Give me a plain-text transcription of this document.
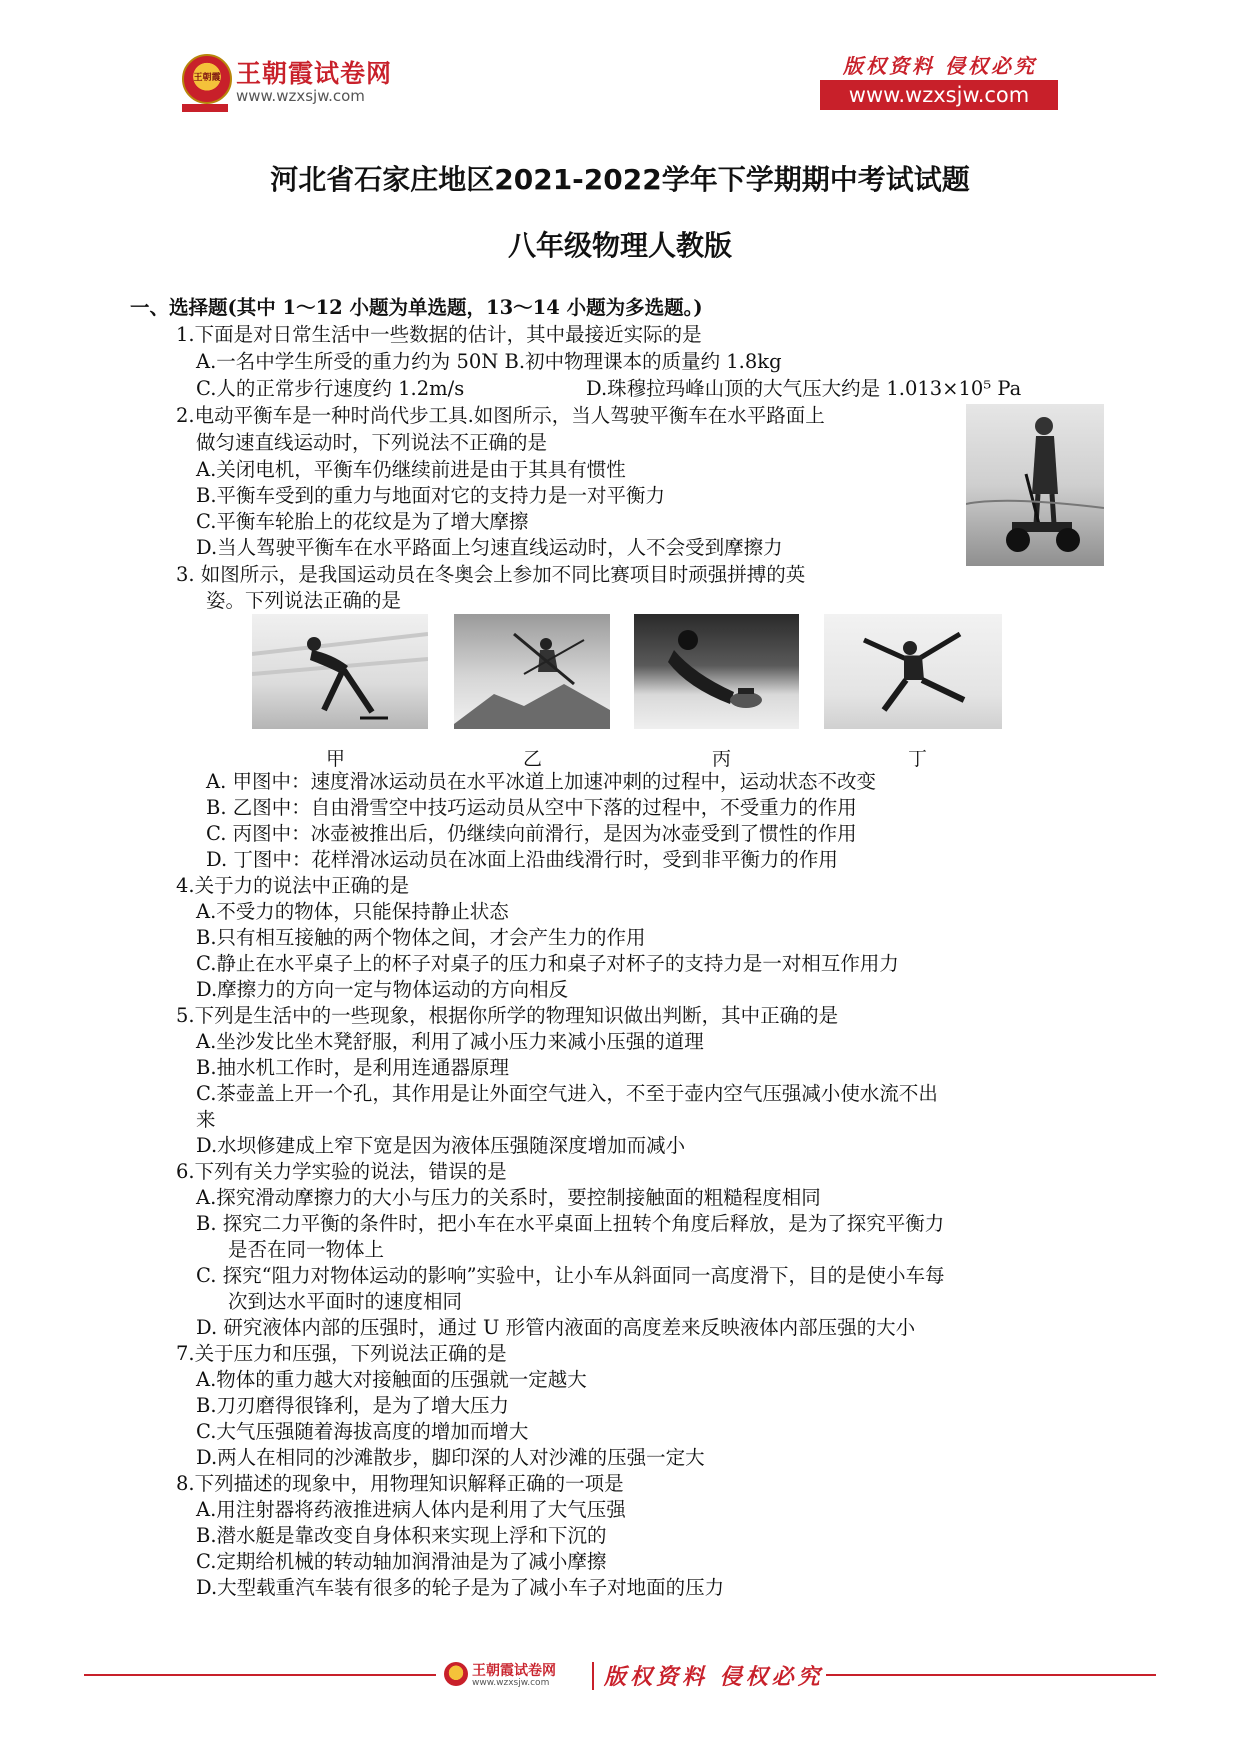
王朝霞 王朝霞试卷网
www.wzxsjw.com
版权资料 侵权必究
www.wzxsjw.com
河北省石家庄地区2021-2022学年下学期期中考试试题
八年级物理人教版
一、选择题(其中 1～12 小题为单选题，13～14 小题为多选题。)
1.下面是对日常生活中一些数据的估计，其中最接近实际的是
A.一名中学生所受的重力约为 50N B.初中物理课本的质量约 1.8kg
C.人的正常步行速度约 1.2m/s	D.珠穆拉玛峰山顶的大气压大约是 1.013×10⁵ Pa
2.电动平衡车是一种时尚代步工具.如图所示，当人驾驶平衡车在水平路面上
做匀速直线运动时，下列说法不正确的是
A.关闭电机，平衡车仍继续前进是由于其具有惯性
B.平衡车受到的重力与地面对它的支持力是一对平衡力
C.平衡车轮胎上的花纹是为了增大摩擦
D.当人驾驶平衡车在水平路面上匀速直线运动时，人不会受到摩擦力
3. 如图所示，是我国运动员在冬奥会上参加不同比赛项目时顽强拼搏的英
姿。下列说法正确的是
甲	乙	丙	丁
A. 甲图中：速度滑冰运动员在水平冰道上加速冲刺的过程中，运动状态不改变
B. 乙图中：自由滑雪空中技巧运动员从空中下落的过程中，不受重力的作用
C. 丙图中：冰壶被推出后，仍继续向前滑行，是因为冰壶受到了惯性的作用
D. 丁图中：花样滑冰运动员在冰面上沿曲线滑行时，受到非平衡力的作用
4.关于力的说法中正确的是
A.不受力的物体，只能保持静止状态
B.只有相互接触的两个物体之间，才会产生力的作用
C.静止在水平桌子上的杯子对桌子的压力和桌子对杯子的支持力是一对相互作用力
D.摩擦力的方向一定与物体运动的方向相反
5.下列是生活中的一些现象，根据你所学的物理知识做出判断，其中正确的是
A.坐沙发比坐木凳舒服，利用了减小压力来减小压强的道理
B.抽水机工作时，是利用连通器原理
C.茶壶盖上开一个孔，其作用是让外面空气进入，不至于壶内空气压强减小使水流不出
来
D.水坝修建成上窄下宽是因为液体压强随深度增加而减小
6.下列有关力学实验的说法，错误的是
A.探究滑动摩擦力的大小与压力的关系时，要控制接触面的粗糙程度相同
B. 探究二力平衡的条件时，把小车在水平桌面上扭转个角度后释放，是为了探究平衡力
是否在同一物体上
C. 探究“阻力对物体运动的影响”实验中，让小车从斜面同一高度滑下，目的是使小车每
次到达水平面时的速度相同
D. 研究液体内部的压强时，通过 U 形管内液面的高度差来反映液体内部压强的大小
7.关于压力和压强，下列说法正确的是
A.物体的重力越大对接触面的压强就一定越大
B.刀刃磨得很锋利，是为了增大压力
C.大气压强随着海拔高度的增加而增大
D.两人在相同的沙滩散步，脚印深的人对沙滩的压强一定大
8.下列描述的现象中，用物理知识解释正确的一项是
A.用注射器将药液推进病人体内是利用了大气压强
B.潜水艇是靠改变自身体积来实现上浮和下沉的
C.定期给机械的转动轴加润滑油是为了减小摩擦
D.大型载重汽车装有很多的轮子是为了减小车子对地面的压力
王朝霞试卷网
www.wzxsjw.com 版权资料 侵权必究
